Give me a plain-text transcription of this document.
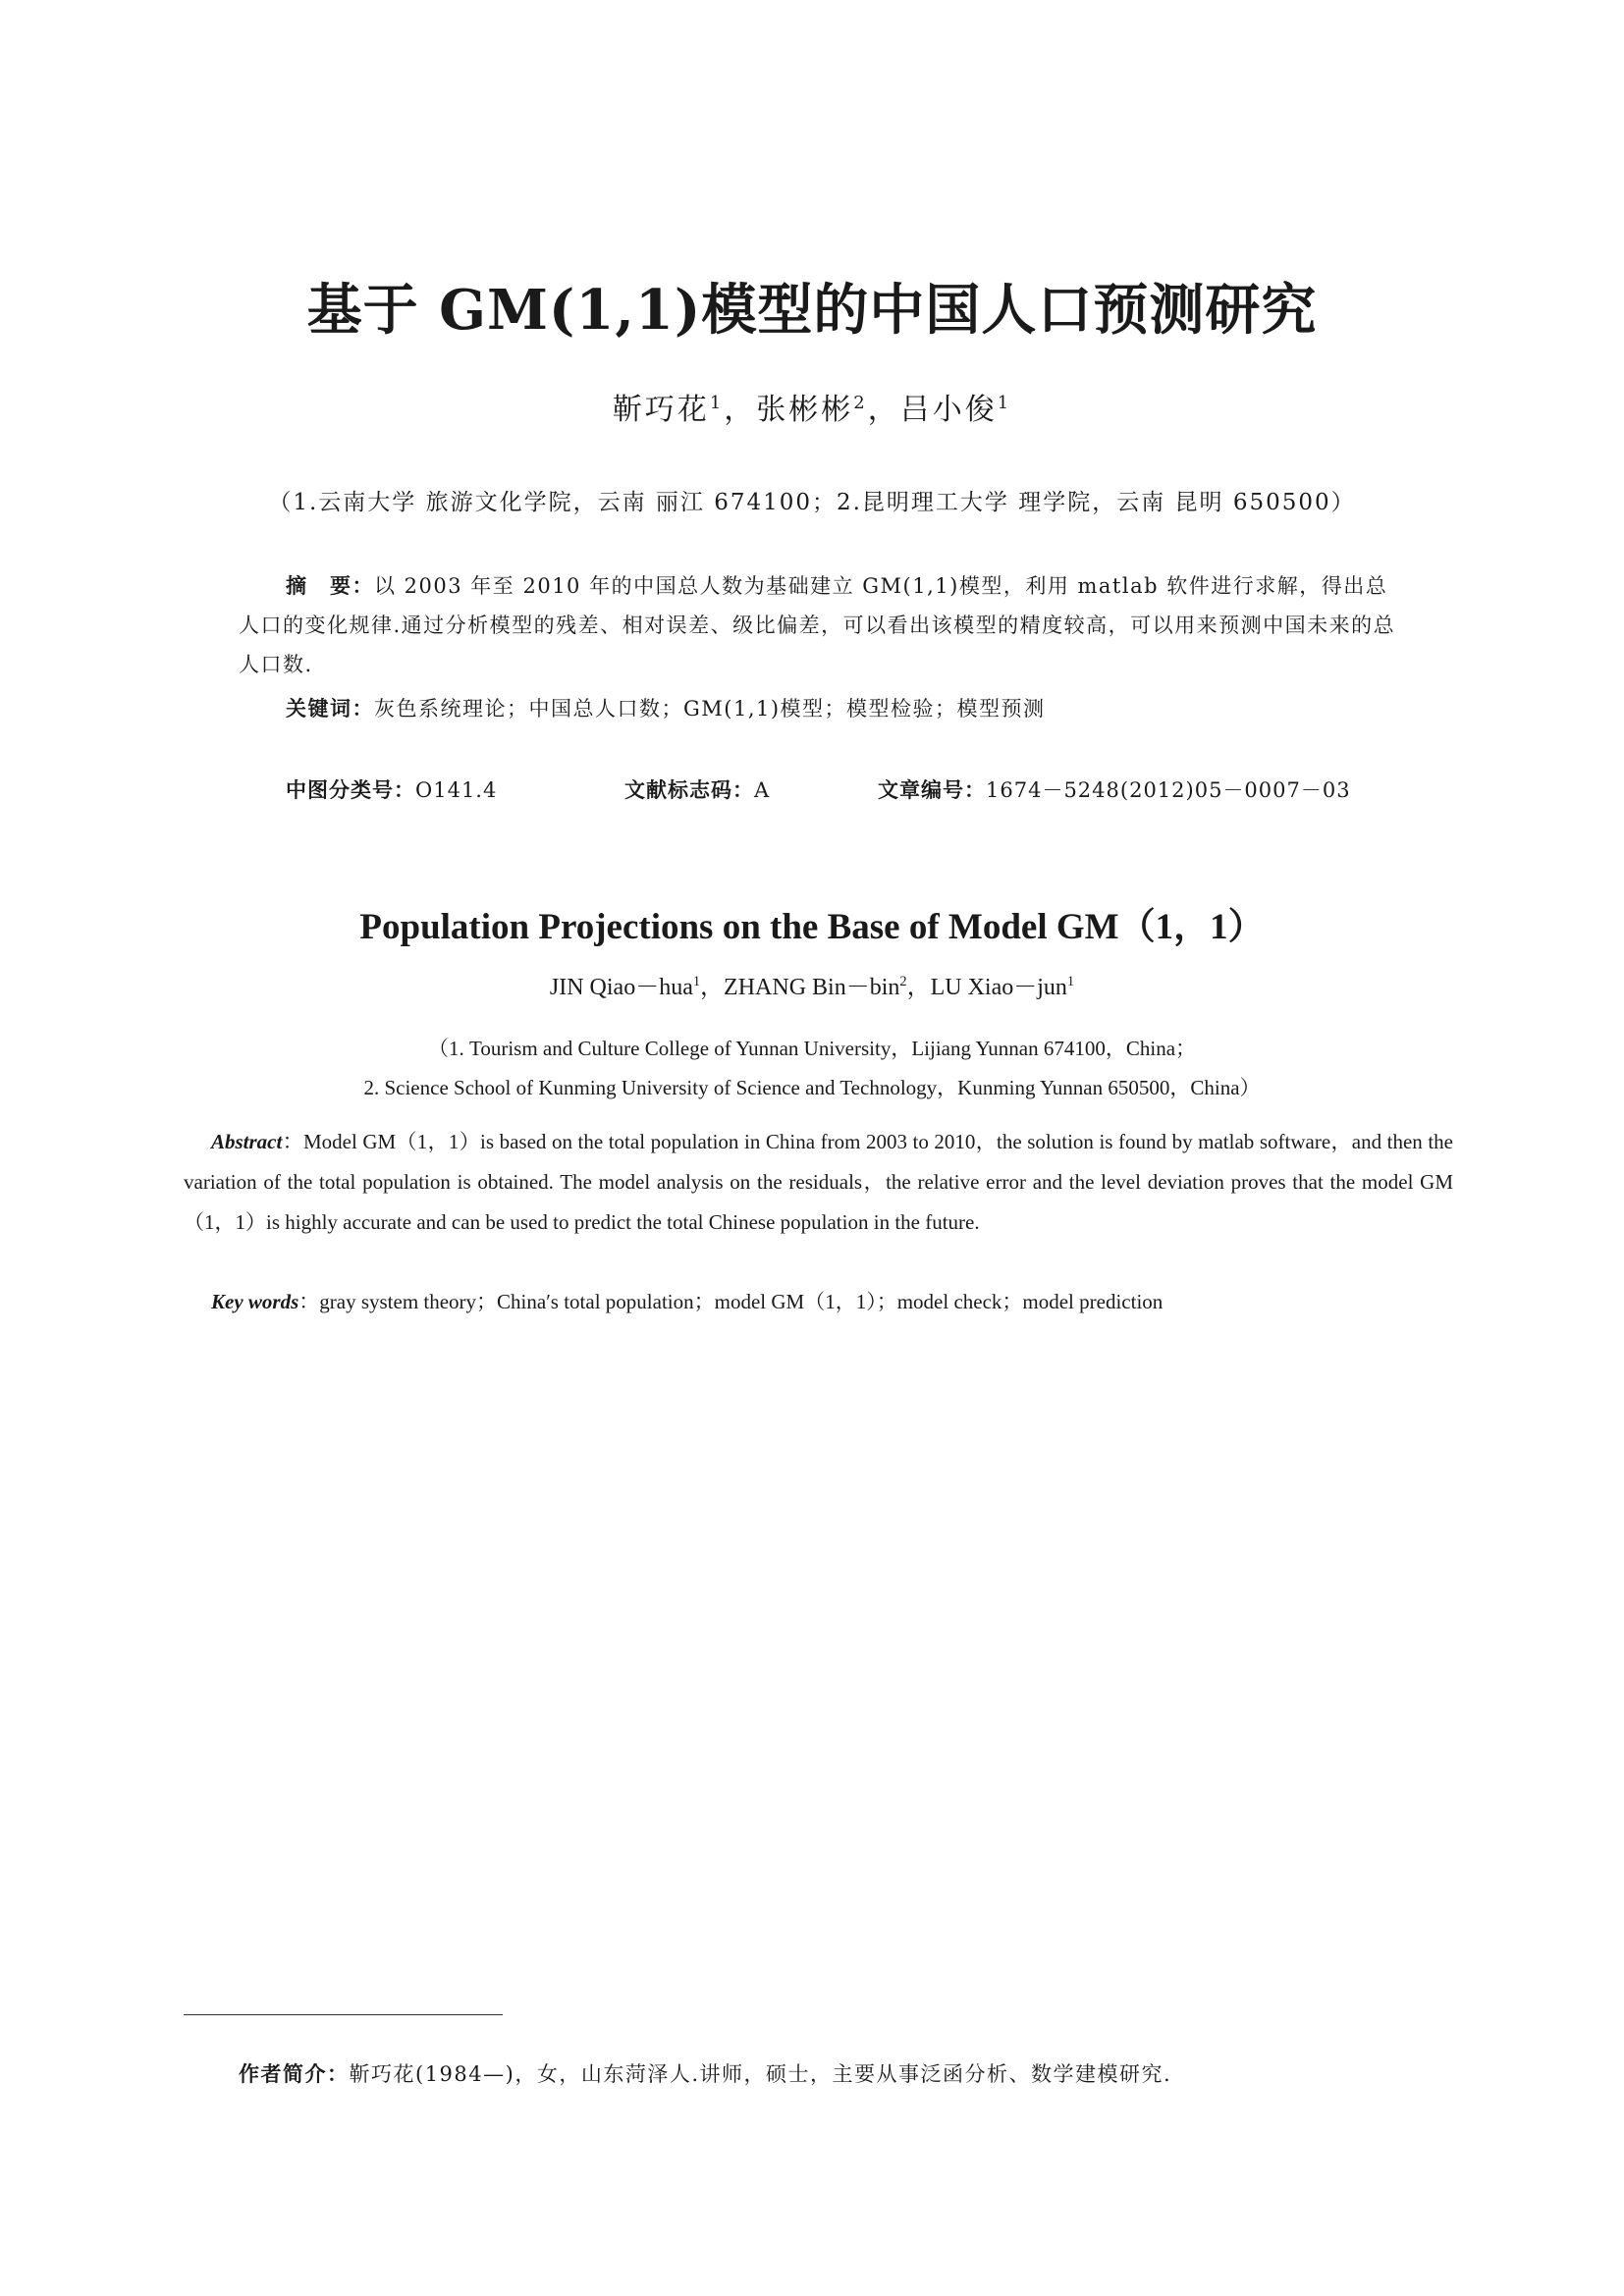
基于 GM(1,1)模型的中国人口预测研究
靳巧花$^1$，张彬彬$^2$，吕小俊$^1$
（1.云南大学 旅游文化学院，云南 丽江 674100；2.昆明理工大学 理学院，云南 昆明 650500）
摘　要：以 2003 年至 2010 年的中国总人数为基础建立 GM(1,1)模型，利用 matlab 软件进行求解，得出总人口的变化规律.通过分析模型的残差、相对误差、级比偏差，可以看出该模型的精度较高，可以用来预测中国未来的总人口数.
关键词：灰色系统理论；中国总人口数；GM(1,1)模型；模型检验；模型预测
中图分类号：O141.4	文献标志码：A	文章编号：1674－5248(2012)05－0007－03
Population Projections on the Base of Model GM（1，1）
JIN Qiao－hua$^1$，ZHANG Bin－bin$^2$，LU Xiao－jun$^1$
（1. Tourism and Culture College of Yunnan University，Lijiang Yunnan 674100，China；
2. Science School of Kunming University of Science and Technology，Kunming Yunnan 650500，China）
Abstract：Model GM（1，1）is based on the total population in China from 2003 to 2010，the solution is found by matlab software，and then the variation of the total population is obtained. The model analysis on the residuals，the relative error and the level deviation proves that the model GM（1，1）is highly accurate and can be used to predict the total Chinese population in the future.
Key words：gray system theory；China′s total population；model GM（1，1）；model check；model prediction
作者简介：靳巧花(1984—)，女，山东菏泽人.讲师，硕士，主要从事泛函分析、数学建模研究.
